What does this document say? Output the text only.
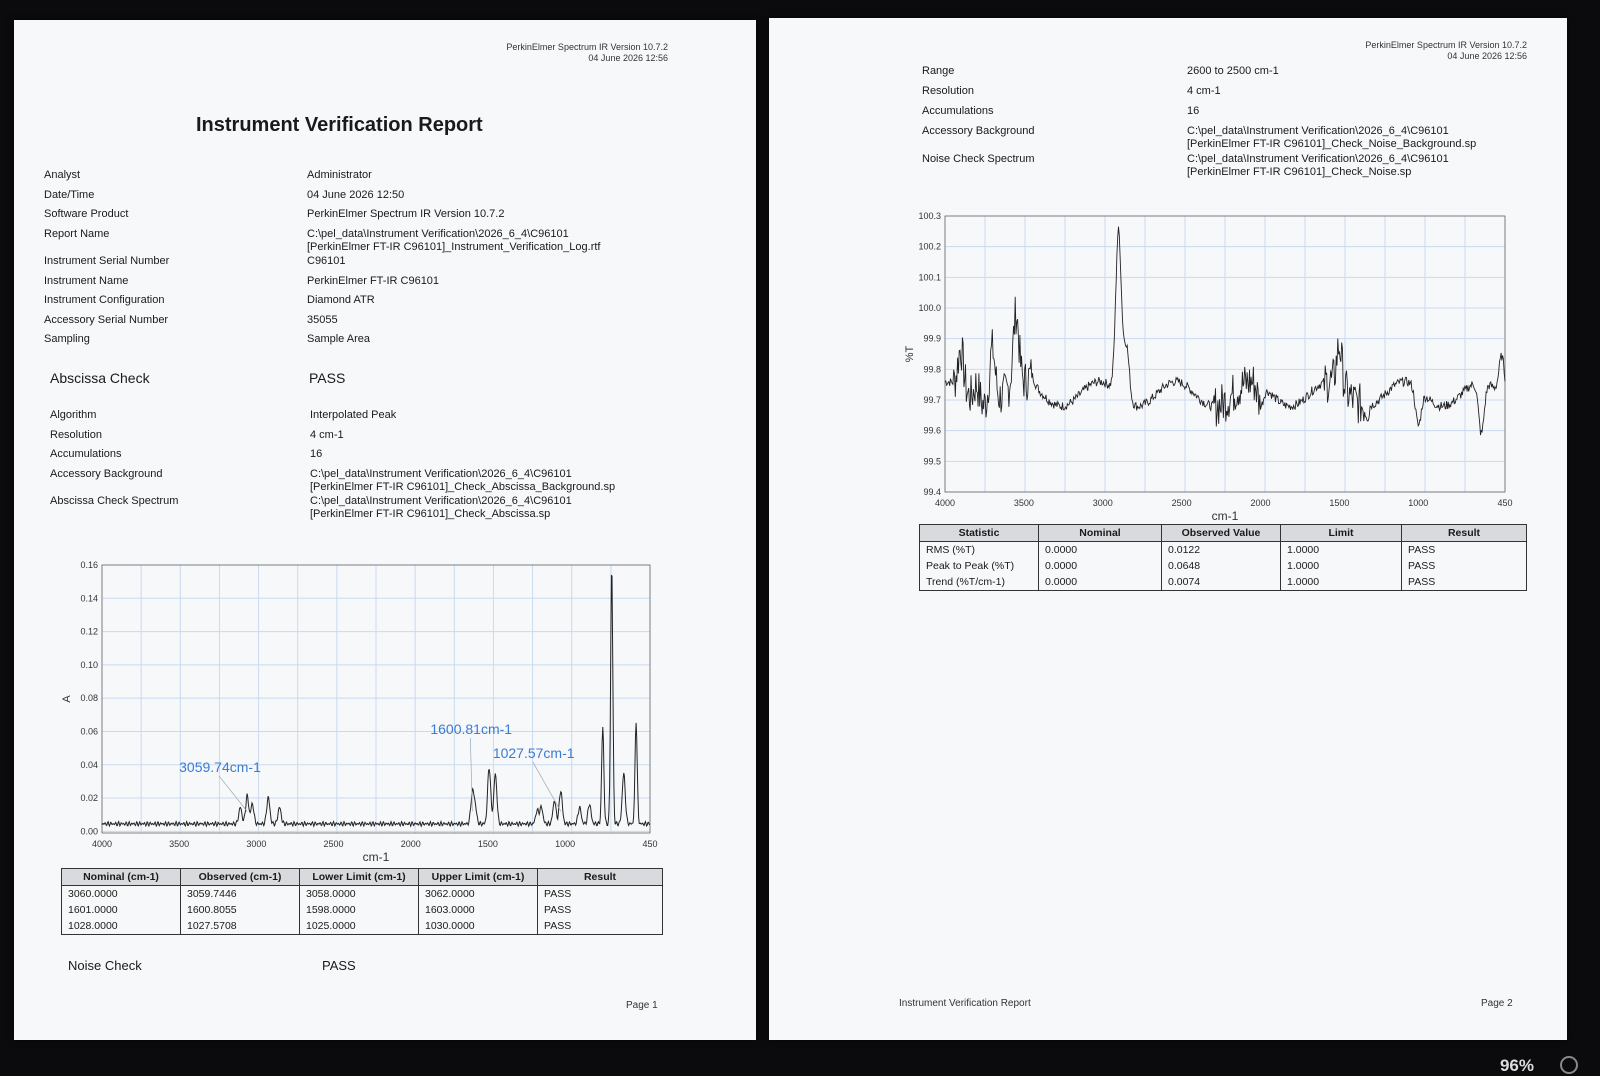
PerkinElmer Spectrum IR Version 10.7.2
04 June 2026 12:56
Instrument Verification Report
Analyst	Administrator
Date/Time	04 June 2026 12:50
Software Product	PerkinElmer Spectrum IR Version 10.7.2
Report Name	C:\pel_data\Instrument Verification\2026_6_4\C96101
[PerkinElmer FT-IR C96101]_Instrument_Verification_Log.rtf
Instrument Serial Number	C96101
Instrument Name	PerkinElmer FT-IR C96101
Instrument Configuration	Diamond ATR
Accessory Serial Number	35055
Sampling	Sample Area
Abscissa Check	PASS
Algorithm	Interpolated Peak
Resolution	4 cm-1
Accumulations	16
Accessory Background	C:\pel_data\Instrument Verification\2026_6_4\C96101
[PerkinElmer FT-IR C96101]_Check_Abscissa_Background.sp
Abscissa Check Spectrum	C:\pel_data\Instrument Verification\2026_6_4\C96101
[PerkinElmer FT-IR C96101]_Check_Abscissa.sp
4000	3500	3000	2500	2000	1500	1000	450
0.16
0.14
0.12
0.10
0.08
0.06
0.04
0.02
0.00
cm-1
A
3059.74cm-1
1600.81cm-1
1027.57cm-1
Nominal (cm-1)	Observed (cm-1)	Lower Limit (cm-1)	Upper Limit (cm-1)	Result
3060.0000	3059.7446	3058.0000	3062.0000	PASS
1601.0000	1600.8055	1598.0000	1603.0000	PASS
1028.0000	1027.5708	1025.0000	1030.0000	PASS
Noise Check	PASS
Page 1
PerkinElmer Spectrum IR Version 10.7.2
04 June 2026 12:56
Range	2600 to 2500 cm-1
Resolution	4 cm-1
Accumulations	16
Accessory Background	C:\pel_data\Instrument Verification\2026_6_4\C96101
[PerkinElmer FT-IR C96101]_Check_Noise_Background.sp
Noise Check Spectrum	C:\pel_data\Instrument Verification\2026_6_4\C96101
[PerkinElmer FT-IR C96101]_Check_Noise.sp
4000	3500	3000	2500	2000	1500	1000	450
100.3
100.2
100.1
100.0
99.9
99.8
99.7
99.6
99.5
99.4
cm-1
%T
Statistic	Nominal	Observed Value	Limit	Result
RMS (%T)	0.0000	0.0122	1.0000	PASS
Peak to Peak (%T)	0.0000	0.0648	1.0000	PASS
Trend (%T/cm-1)	0.0000	0.0074	1.0000	PASS
Instrument Verification Report	Page 2
96%
